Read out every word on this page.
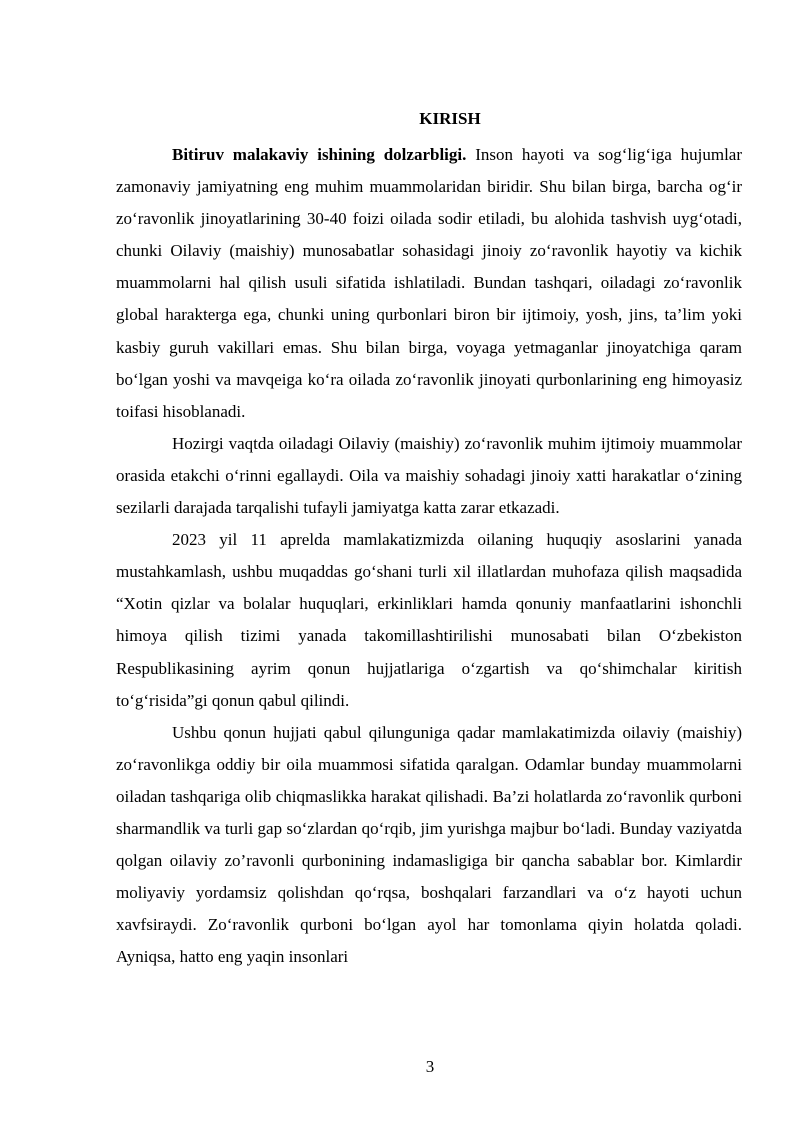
KIRISH

Bitiruv malakaviy ishining dolzarbligi. Inson hayoti va sog‘lig‘iga hujumlar zamonaviy jamiyatning eng muhim muammolaridan biridir. Shu bilan birga, barcha og‘ir zo‘ravonlik jinoyatlarining 30-40 foizi oilada sodir etiladi, bu alohida tashvish uyg‘otadi, chunki Oilaviy (maishiy) munosabatlar sohasidagi jinoiy zo‘ravonlik hayotiy va kichik muammolarni hal qilish usuli sifatida ishlatiladi. Bundan tashqari, oiladagi zo‘ravonlik global harakterga ega, chunki uning qurbonlari biron bir ijtimoiy, yosh, jins, ta’lim yoki kasbiy guruh vakillari emas. Shu bilan birga, voyaga yetmaganlar jinoyatchiga qaram bo‘lgan yoshi va mavqeiga ko‘ra oilada zo‘ravonlik jinoyati qurbonlarining eng himoyasiz toifasi hisoblanadi.

Hozirgi vaqtda oiladagi Oilaviy (maishiy) zo‘ravonlik muhim ijtimoiy muammolar orasida etakchi o‘rinni egallaydi. Oila va maishiy sohadagi jinoiy xatti harakatlar o‘zining sezilarli darajada tarqalishi tufayli jamiyatga katta zarar etkazadi.

2023 yil 11 aprelda mamlakatizmizda oilaning huquqiy asoslarini yanada mustahkamlash, ushbu muqaddas go‘shani turli xil illatlardan muhofaza qilish maqsadida “Xotin qizlar va bolalar huquqlari, erkinliklari hamda qonuniy manfaatlarini ishonchli himoya qilish tizimi yanada takomillashtirilishi munosabati bilan O‘zbekiston Respublikasining ayrim qonun hujjatlariga o‘zgartish va qo‘shimchalar kiritish to‘g‘risida”gi qonun qabul qilindi.

Ushbu qonun hujjati qabul qilunguniga qadar mamlakatimizda oilaviy (maishiy) zo‘ravonlikga oddiy bir oila muammosi sifatida qaralgan. Odamlar bunday muammolarni oiladan tashqariga olib chiqmaslikka harakat qilishadi. Ba’zi holatlarda zo‘ravonlik qurboni sharmandlik va turli gap so‘zlardan qo‘rqib, jim yurishga majbur bo‘ladi. Bunday vaziyatda qolgan oilaviy zo’ravonli qurbonining indamasligiga bir qancha sabablar bor. Kimlardir moliyaviy yordamsiz qolishdan qo‘rqsa, boshqalari farzandlari va o‘z hayoti uchun xavfsiraydi. Zo‘ravonlik qurboni bo‘lgan ayol har tomonlama qiyin holatda qoladi. Ayniqsa, hatto eng yaqin insonlari

3
